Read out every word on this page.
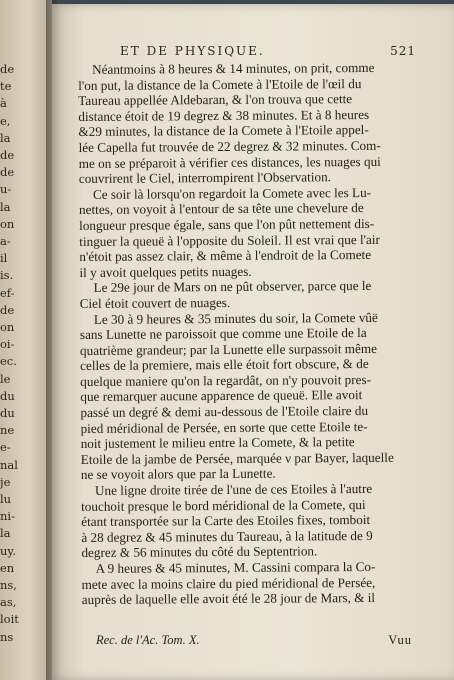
de
te
à
e,
la
de
de
u-
la
on
a-
il
is.
ef-
de
on
oi-
ec.
le
du
du
ne
e-
nal
je
lu
ni-
la
uy.
en
ns,
as,
loit
ns
ET DE PHYSIQUE.	521
Néantmoins à 8 heures & 14 minutes, on prit, comme
l'on put, la distance de la Comete à l'Etoile de l'œil du
Taureau appellée Aldebaran, & l'on trouva que cette
distance étoit de 19 degrez & 38 minutes. Et à 8 heures
&29 minutes, la distance de la Comete à l'Etoile appel-
lée Capella fut trouvée de 22 degrez & 32 minutes. Com-
me on se préparoit à vérifier ces distances, les nuages qui
couvrirent le Ciel, interrompirent l'Observation.
Ce soir là lorsqu'on regardoit la Comete avec les Lu-
nettes, on voyoit à l'entour de sa tête une chevelure de
longueur presque égale, sans que l'on pût nettement dis-
tinguer la queuë à l'opposite du Soleil. Il est vrai que l'air
n'étoit pas assez clair, & même à l'endroit de la Comete
il y avoit quelques petits nuages.
Le 29e jour de Mars on ne pût observer, parce que le
Ciel étoit couvert de nuages.
Le 30 à 9 heures & 35 minutes du soir, la Comete vûë
sans Lunette ne paroissoit que comme une Etoile de la
quatrième grandeur; par la Lunette elle surpassoit même
celles de la premiere, mais elle étoit fort obscure, & de
quelque maniere qu'on la regardât, on n'y pouvoit pres-
que remarquer aucune apparence de queuë. Elle avoit
passé un degré & demi au-dessous de l'Etoile claire du
pied méridional de Persée, en sorte que cette Etoile te-
noit justement le milieu entre la Comete, & la petite
Etoile de la jambe de Persée, marquée ν par Bayer, laquelle
ne se voyoit alors que par la Lunette.
Une ligne droite tirée de l'une de ces Etoiles à l'autre
touchoit presque le bord méridional de la Comete, qui
étant transportée sur la Carte des Etoiles fixes, tomboit
à 28 degrez & 45 minutes du Taureau, à la latitude de 9
degrez & 56 minutes du côté du Septentrion.
A 9 heures & 45 minutes, M. Cassini compara la Co-
mete avec la moins claire du pied méridional de Persée,
auprès de laquelle elle avoit été le 28 jour de Mars, & il
Rec. de l'Ac. Tom. X.	Vuu
